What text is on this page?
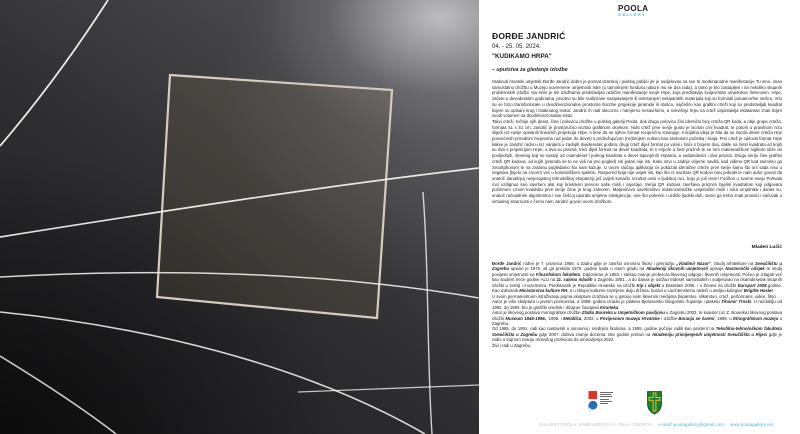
POOLA
GALLERY
ĐORĐE JANDRIĆ
04. - 25. 05. 2024.
"KUDIKAMO HRPA"
– uputstva za gledanje izložbe

Istaknuti hrvatski umjetnik Đorđe Jandrić dobro je poznat istarskoj i pulskoj publici jer je sudjelovao na sve tri međunarodne manifestacije Tu smo, imao samostalnu izložbu u Muzeju suvremene umjetnosti Istre (u tamošnjem fundusu nalaze mu se dva rada), a tamo je bio zastupljen i na nekoliko skupnih problemskih izložbi. Na svim je tim izložbama predstavljao različite manifestacije svoje Hrpe, koja predstavlja svojevrstan umjetnikov heteronim. Hrpe, začete u devedesetim godinama, prvotno su bile realizirane nasipavanjem ili istresanjem nekiparskih materijala koji su formirali poluamorfne stošce. Vrlo su se brzo transformirale u dvodimenzionalne prostorne tlocrtne projekcije piramide ili stošca, najčešće kao grafitni crteži koji su predstavljali kvadrat kojem su upisani krug i istaknutog trokut. Jandrić ih radi skicozno i namjerno nesavršeno, a svevišnju hrpu na crtež uspostavlja eklatantan znak kojim svodi volumen na dvodimenzionalan iskaz.

Takvi crteži, točnije njih deset, čine i polovicu izložbe u pulskoj galeriji Poola, dok drugu polovicu čini identični broj crteža QR koda, a obje grupe crteža, formata 51 x 51 cm, Jandrić je prostoručno iscrtao grafitnom olovkom. Nulti crtež prve serije gusto je iscrtan crni kvadrat, te potom u pravilnom nizu slijedi niz ranije opisanih linearnih projekcija Hrpe, s time da se njihov format recipročno smanjuje. Inicijalna ideja je bila da se nacrta devet crteža Hrpi posvećenih prirodnim brojevima (od jedan do devet) s pridružujućom (ne)brojem nultom kao simbolom početka i kraja. Prvi crtež je cjeloviti format Hrpe kakve je Jandrić radio u niz varijanti u zadnjih dvadesetak godina; drugi crtež dijeli format po visini i širini s brojem dva, dakle na četiri kvadrata od kojih su dva s projekcijom Hrpe, a dva su prazna; treći dijeli format na devet kvadrata, tri s Hrpom a šest praznih te se tom matematičkom logikom stiže do posljednjih, devetog koji se sastoji od osamdeset i jednog kvadrata s devet ispunjenih Hrpama, a sedamdeset i dva prazna. Drugu seriju čine grafitni crteži QR kodova, od kojih (premda se to ne vidi na prvi pogled) niti jedan nije isti. Kako smo u zadnje vrijeme navikli, kad vidimo QR kod snimimo ga Smartphonom te na zaslonu pogledamo što nam kazuje. U ovom slučaju aplikacija će pokazati identične crteže prve serije samo što oni sada nisu u negativu (bijelo na crnom) već u kolorističkom spektru. Raspored boja nije uvijek isti, kao što ni nacrtani QR kodovi nisu jednaki te nam autor govori da unatoč današnjoj nevjerojatnoj tehnološkoj ekspanziji još uvijek konačni rezultat ovisi o ljudskoj ruci, koju je još Henri Focillon u svome eseju Pohvala ruci uzdignuo kao savršeni alat koji kreativno prenosi naše misli i osjećaje. Serija QR kodova završava praznim bijelim kvadratom koji odgovara početnom crnom kvadratu prve serije čime je krug zatvoren. Maljevičevo savršenstvo redukcionističke umjetničke misli i ruka umjetnika i danas su, unatoč računalnim algoritmima i sve češćoj uporabi umjetne inteligencije, one što pokreće i uzdiže ljudski duh, samo ga treba znati pronaći i sačuvati u virtualnoj stvarnosti o čemu nam Jandrić govori ovom izložbom.

Mladen Lučić

Đorđe Jandrić rođen je 7. prosinca 1956. u Zadru gdje je završio osnovnu školu i gimnaziju „Vladimir Nazor“. Studij arhitekture na Sveučilištu u Zagrebu upisao je 1975. ali ga prekida 1978. godine kada u istom gradu na Akademiji likovnih umjetnosti upisuje Nastavnički odsjek te studij povijesti umjetnosti na Filozofskom fakultetu. Diplomirao je 1983. i stekao zvanje profesora likovnog odgoja i likovnih umjetnosti. Počeo je izlagati već kao student treće godine ALU na 11. salonu mladih u Zagrebu 1981., a do danas je održao trideset samostalnih i sudjelovao na osamdesetak skupnih izložbi u zemlji i inozemstvu. Predstavnik je Republike Hrvatske na izložbi Kip i objekt u Bratislavi 2005. i u Ženevi na izložbi Europart 2008.godine. Kao izabranik Ministarstva kulture RH, a u sklopu kulturne razmjene dviju država, boravi u Liechtensteinu radeći u ateljeu kolegice Brigitte Hasler.

U svom permanentnom istraživanju pojma skulpture izražava se u gotovo svim likovnim medijima (kiparstvo, slikarstvo, crtež, performans, video, film).

Autor je više skulptura u javnim prostorima, a 1998. godine izradio je plaketu Bjelovarsko bilogorske županije i plaketu Tihomir Trnski. U razdoblju od 1992. do 1994. bio je grafički urednik i dizajner časopisa Kinoteka.

Autor je likovnog postava monografske izložbe Zlatka Boureka u Umjetničkom paviljonu u Zagrebu 2003. te koautor (uz Z. Boureka) likovnog postava izložbi Museum 1846-1996., 1996. i Metallica, 2002. u Povijesnom muzeju Hrvatske i izložbe Baranja se šareni, 1999. u Etnografskom muzeju u Zagrebu.

Od 1985. do 1991. radi kao nastavnik u osnovnoj i srednjim školama, a 1995. godine počinje raditi kao asistent na Tekstilno-tehnološkom fakultetu Sveučilišta u Zagrebu gdje 2007. dobiva zvanje docenta. Iste godine prelazi na Akademiju primijenjenih umjetnosti Sveučilišta u Rijeci gdje je radio u trajnom zvanju redovitog profesora do umirovljenja 2022.

Živi i radi u Zagrebu.

GALLERY POOLA, KANDLEROVA 14, PULA, CROATIA e-mail: poolagallery@gmail.com www.poolagallery.net
